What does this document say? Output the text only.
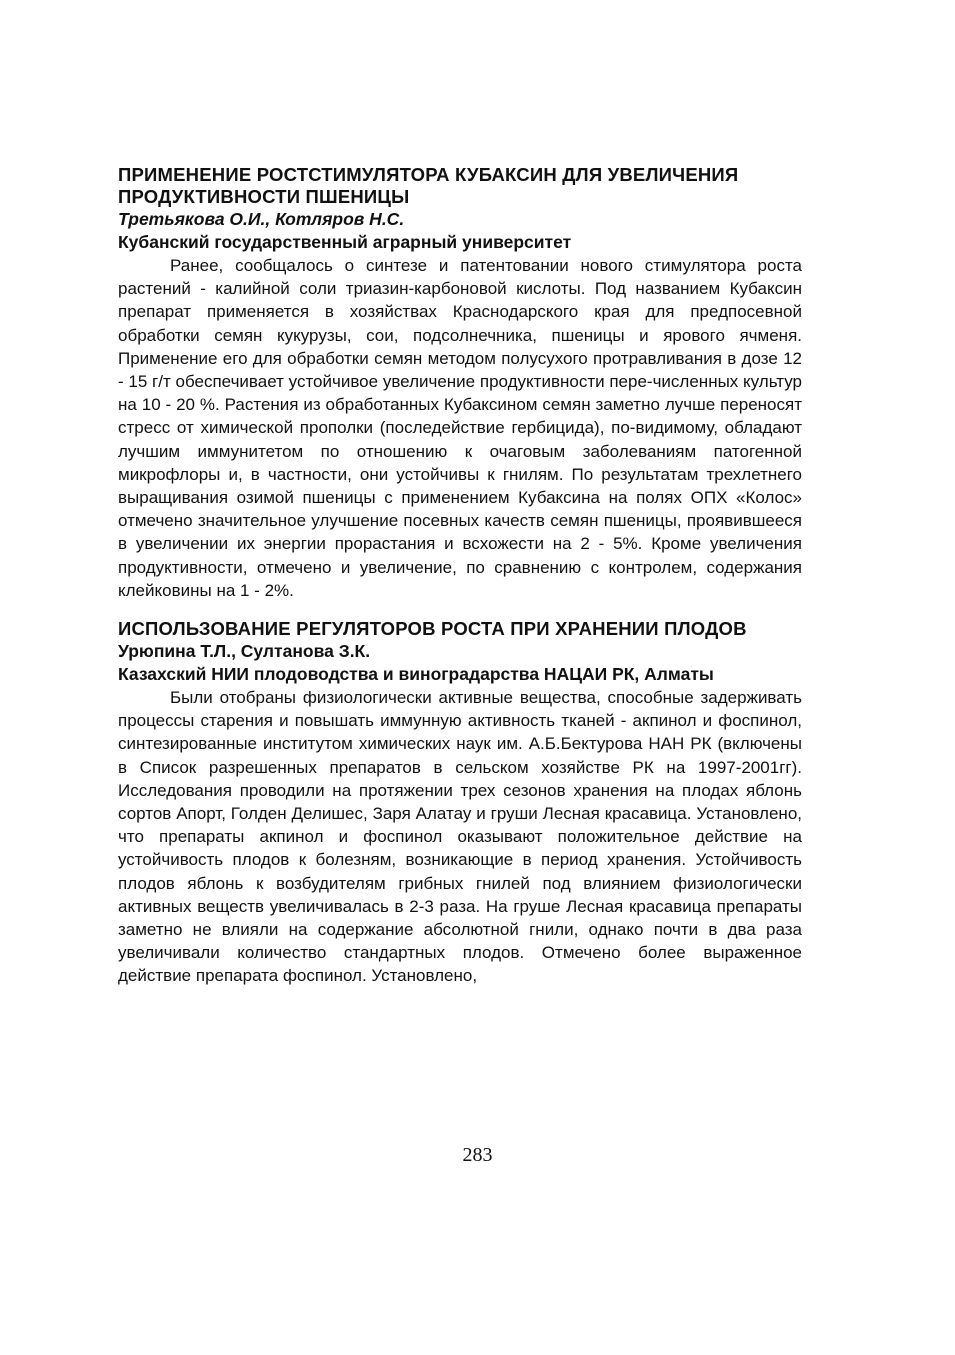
ПРИМЕНЕНИЕ РОСТСТИМУЛЯТОРА КУБАКСИН ДЛЯ УВЕЛИЧЕНИЯ ПРОДУКТИВНОСТИ ПШЕНИЦЫ

Третьякова О.И., Котляров Н.С.

Кубанский государственный аграрный университет

Ранее, сообщалось о синтезе и патентовании нового стимулятора роста растений - калийной соли триазин-карбоновой кислоты. Под названием Кубаксин препарат применяется в хозяйствах Краснодарского края для предпосевной обработки семян кукурузы, сои, подсолнечника, пшеницы и ярового ячменя. Применение его для обработки семян методом полусухого протравливания в дозе 12 - 15 г/т обеспечивает устойчивое увеличение продуктивности пере-численных культур на 10 - 20 %. Растения из обработанных Кубаксином семян заметно лучше переносят стресс от химической прополки (последействие гербицида), по-видимому, обладают лучшим иммунитетом по отношению к очаговым заболеваниям патогенной микрофлоры и, в частности, они устойчивы к гнилям. По результатам трехлетнего выращивания озимой пшеницы с применением Кубаксина на полях ОПХ «Колос» отмечено значительное улучшение посевных качеств семян пшеницы, проявившееся в увеличении их энергии прорастания и всхожести на 2 - 5%. Кроме увеличения продуктивности, отмечено и увеличение, по сравнению с контролем, содержания клейковины на 1 - 2%.

ИСПОЛЬЗОВАНИЕ РЕГУЛЯТОРОВ РОСТА ПРИ ХРАНЕНИИ ПЛОДОВ

Урюпина Т.Л., Султанова З.К.

Казахский НИИ плодоводства и виноградарства НАЦАИ РК, Алматы

Были отобраны физиологически активные вещества, способные задерживать процессы старения и повышать иммунную активность тканей - акпинол и фоспинол, синтезированные институтом химических наук им. А.Б.Бектурова НАН РК (включены в Список разрешенных препаратов в сельском хозяйстве РК на 1997-2001гг). Исследования проводили на протяжении трех сезонов хранения на плодах яблонь сортов Апорт, Голден Делишес, Заря Алатау и груши Лесная красавица. Установлено, что препараты акпинол и фоспинол оказывают положительное действие на устойчивость плодов к болезням, возникающие в период хранения. Устойчивость плодов яблонь к возбудителям грибных гнилей под влиянием физиологически активных веществ увеличивалась в 2-3 раза. На груше Лесная красавица препараты заметно не влияли на содержание абсолютной гнили, однако почти в два раза увеличивали количество стандартных плодов. Отмечено более выраженное действие препарата фоспинол. Установлено,

283
